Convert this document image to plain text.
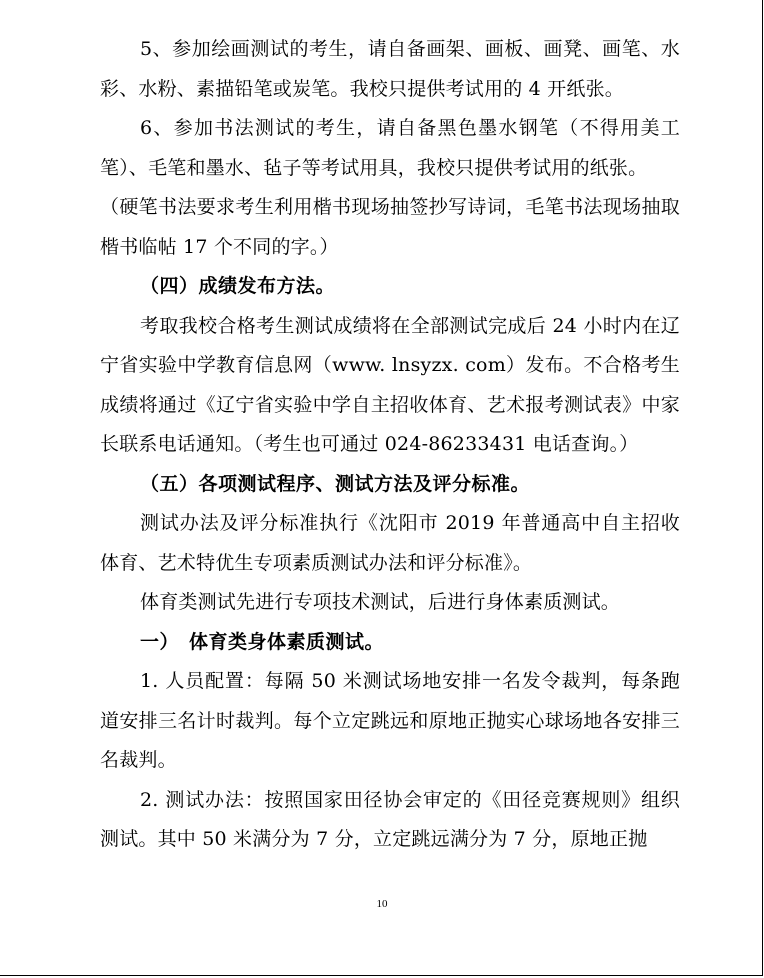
5、参加绘画测试的考生，请自备画架、画板、画凳、画笔、水彩、水粉、素描铅笔或炭笔。我校只提供考试用的 4 开纸张。

6、参加书法测试的考生，请自备黑色墨水钢笔（不得用美工笔）、毛笔和墨水、毡子等考试用具，我校只提供考试用的纸张。

（硬笔书法要求考生利用楷书现场抽签抄写诗词，毛笔书法现场抽取楷书临帖 17 个不同的字。）

（四）成绩发布方法。

考取我校合格考生测试成绩将在全部测试完成后 24 小时内在辽宁省实验中学教育信息网（www. lnsyzx. com）发布。不合格考生成绩将通过《辽宁省实验中学自主招收体育、艺术报考测试表》中家长联系电话通知。（考生也可通过 024-86233431 电话查询。）

（五）各项测试程序、测试方法及评分标准。

测试办法及评分标准执行《沈阳市 2019 年普通高中自主招收体育、艺术特优生专项素质测试办法和评分标准》。

体育类测试先进行专项技术测试，后进行身体素质测试。

一）　体育类身体素质测试。

1. 人员配置：每隔 50 米测试场地安排一名发令裁判，每条跑道安排三名计时裁判。每个立定跳远和原地正抛实心球场地各安排三名裁判。

2. 测试办法：按照国家田径协会审定的《田径竞赛规则》组织测试。其中 50 米满分为 7 分，立定跳远满分为 7 分，原地正抛

10
